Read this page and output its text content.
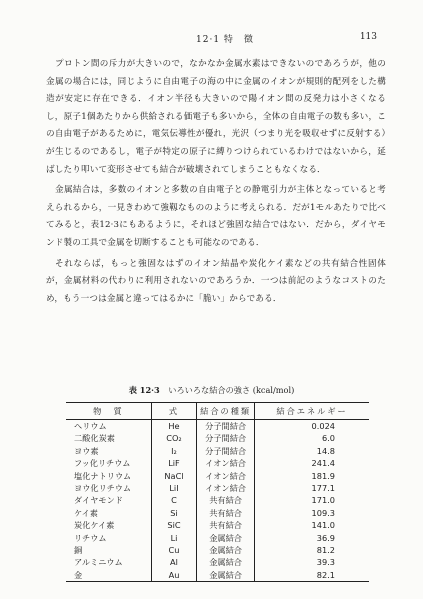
12·1 特　徴	113

プロトン間の斥力が大きいので，なかなか金属水素はできないのであろうが，他の金属の場合には，同じように自由電子の海の中に金属のイオンが規則的配列をした構造が安定に存在できる．イオン半径も大きいので陽イオン間の反発力は小さくなるし，原子1個あたりから供給される価電子も多いから，全体の自由電子の数も多い，この自由電子があるために，電気伝導性が優れ，光沢（つまり光を吸収せずに反射する）が生じるのであるし，電子が特定の原子に縛りつけられているわけではないから，延ばしたり叩いて変形させても結合が破壊されてしまうこともなくなる．

金属結合は，多数のイオンと多数の自由電子との静電引力が主体となっていると考えられるから，一見きわめて強靱なもののように考えられる．だが1モルあたりで比べてみると，表12·3にもあるように，それほど強固な結合ではない．だから，ダイヤモンド製の工具で金属を切断することも可能なのである．

それならば，もっと強固なはずのイオン結晶や炭化ケイ素などの共有結合性固体が，金属材料の代わりに利用されないのであろうか．一つは前記のようなコストのため，もう一つは金属と違ってはるかに「脆い」からである．

表 12·3 いろいろな結合の強さ (kcal/mol)
物　質	式	結合の種類	結合エネルギー
ヘリウム	He	分子間結合	0.024
二酸化炭素	CO₂	分子間結合	6.0
ヨウ素	I₂	分子間結合	14.8
フッ化リチウム	LiF	イオン結合	241.4
塩化ナトリウム	NaCl	イオン結合	181.9
ヨウ化リチウム	LiI	イオン結合	177.1
ダイヤモンド	C	共有結合	171.0
ケイ素	Si	共有結合	109.3
炭化ケイ素	SiC	共有結合	141.0
リチウム	Li	金属結合	36.9
銅	Cu	金属結合	81.2
アルミニウム	Al	金属結合	39.3
金	Au	金属結合	82.1
